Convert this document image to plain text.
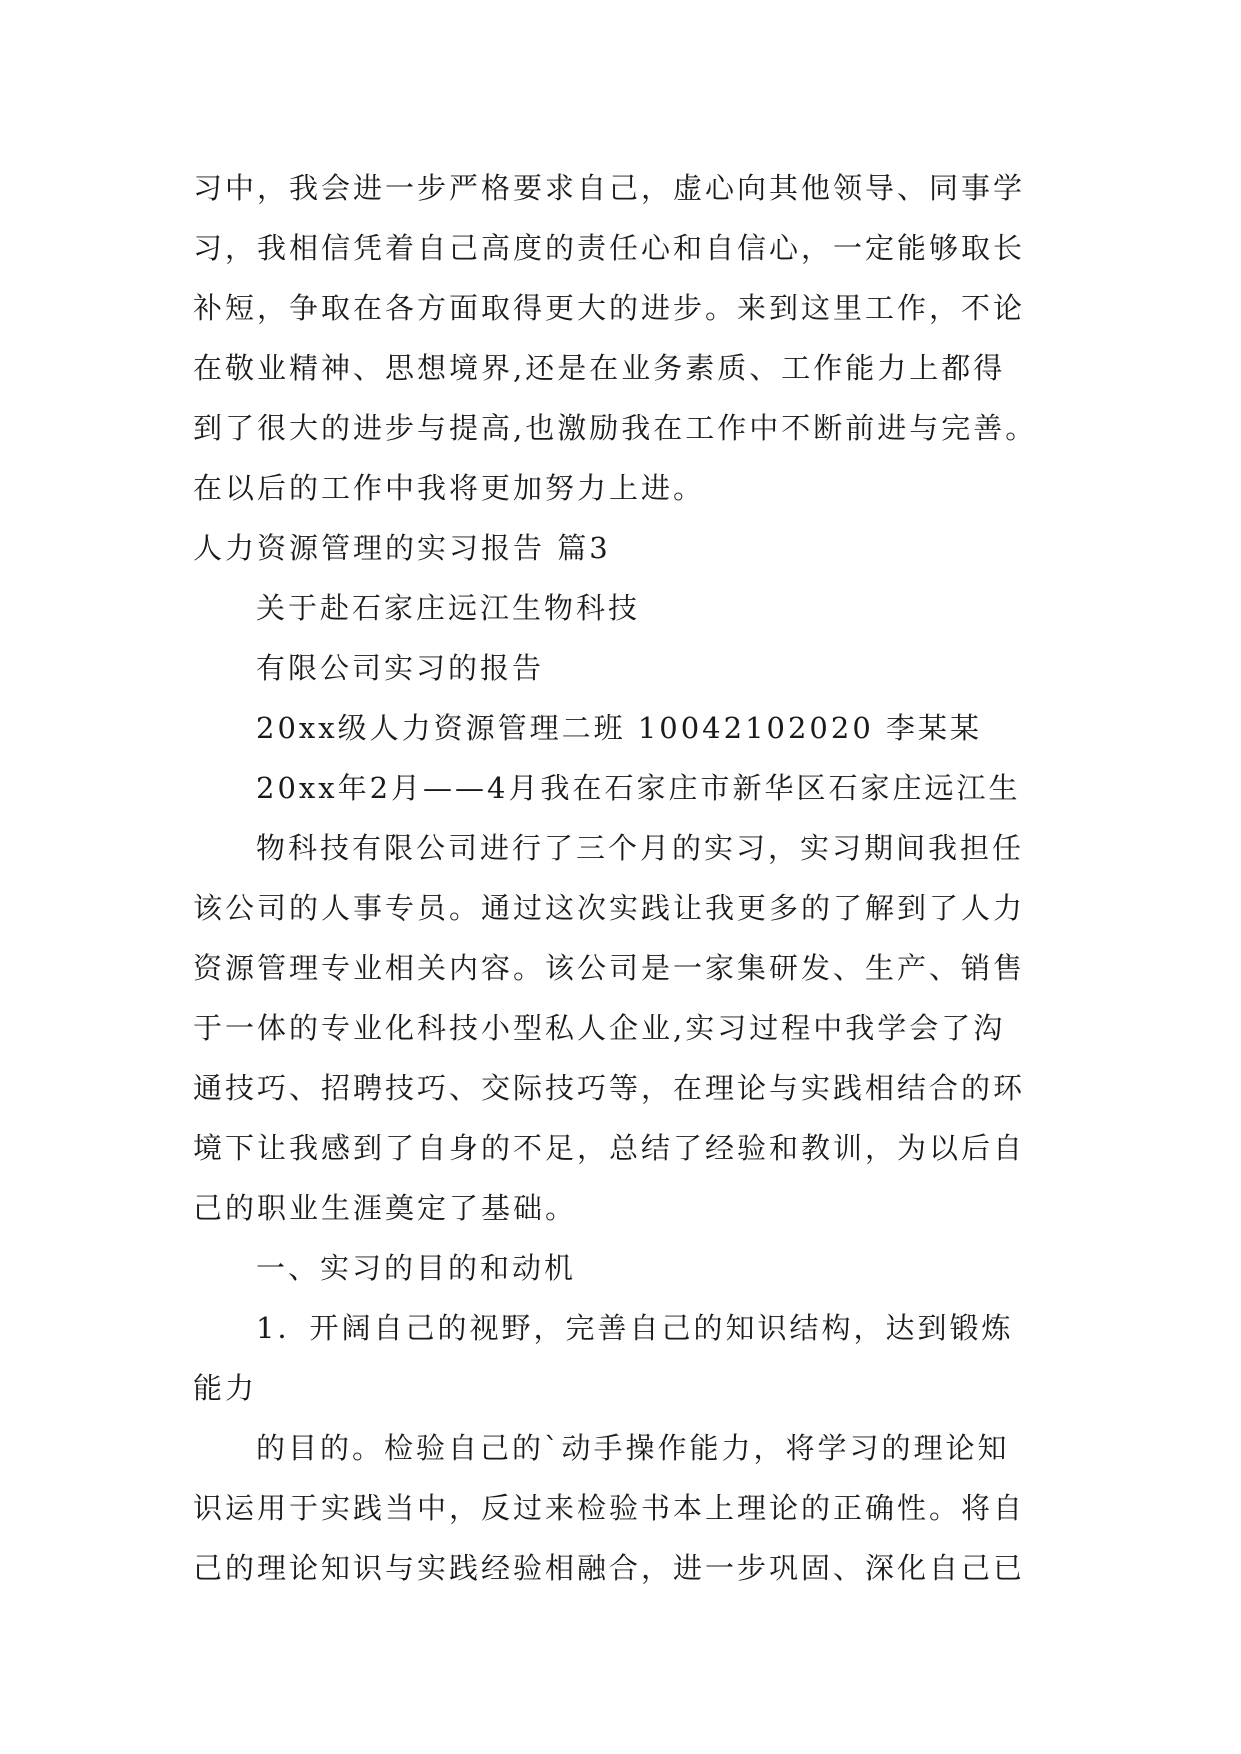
习中，我会进一步严格要求自己，虚心向其他领导、同事学
习，我相信凭着自己高度的责任心和自信心，一定能够取长
补短，争取在各方面取得更大的进步。来到这里工作，不论
在敬业精神、思想境界,还是在业务素质、工作能力上都得
到了很大的进步与提高,也激励我在工作中不断前进与完善。
在以后的工作中我将更加努力上进。
人力资源管理的实习报告 篇3
关于赴石家庄远江生物科技
有限公司实习的报告
20xx级人力资源管理二班 10042102020 李某某
20xx年2月——4月我在石家庄市新华区石家庄远江生
物科技有限公司进行了三个月的实习，实习期间我担任
该公司的人事专员。通过这次实践让我更多的了解到了人力
资源管理专业相关内容。该公司是一家集研发、生产、销售
于一体的专业化科技小型私人企业,实习过程中我学会了沟
通技巧、招聘技巧、交际技巧等，在理论与实践相结合的环
境下让我感到了自身的不足，总结了经验和教训，为以后自
己的职业生涯奠定了基础。
一、实习的目的和动机
1．开阔自己的视野，完善自己的知识结构，达到锻炼
能力
的目的。检验自己的`动手操作能力，将学习的理论知
识运用于实践当中，反过来检验书本上理论的正确性。将自
己的理论知识与实践经验相融合，进一步巩固、深化自己已
